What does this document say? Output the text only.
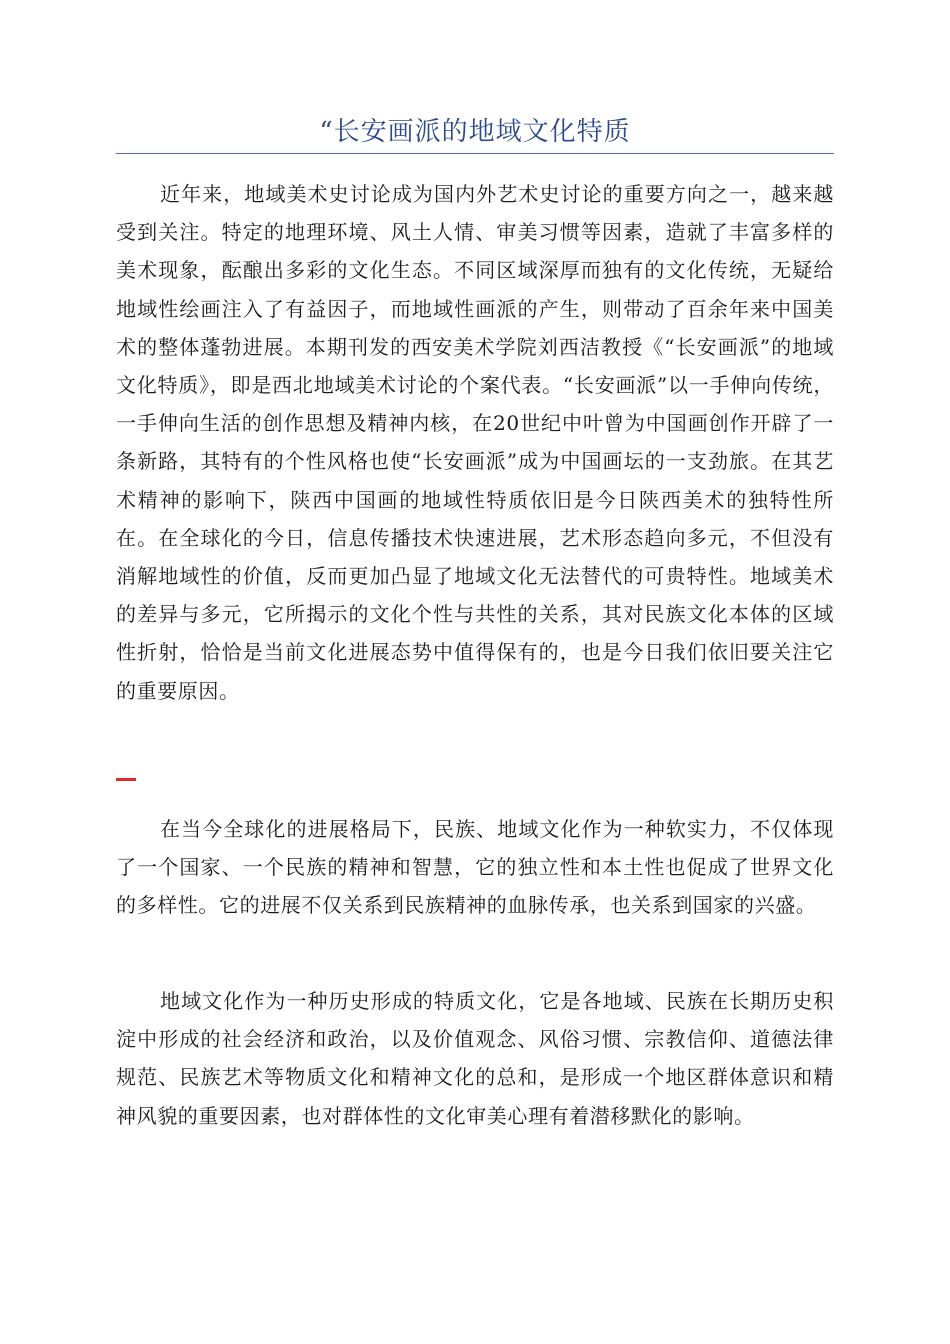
“长安画派的地域文化特质

近年来，地域美术史讨论成为国内外艺术史讨论的重要方向之一，越来越受到关注。特定的地理环境、风土人情、审美习惯等因素，造就了丰富多样的美术现象，酝酿出多彩的文化生态。不同区域深厚而独有的文化传统，无疑给地域性绘画注入了有益因子，而地域性画派的产生，则带动了百余年来中国美术的整体蓬勃进展。本期刊发的西安美术学院刘西洁教授《“长安画派”的地域文化特质》，即是西北地域美术讨论的个案代表。“长安画派”以一手伸向传统，一手伸向生活的创作思想及精神内核，在20世纪中叶曾为中国画创作开辟了一条新路，其特有的个性风格也使“长安画派”成为中国画坛的一支劲旅。在其艺术精神的影响下，陕西中国画的地域性特质依旧是今日陕西美术的独特性所在。在全球化的今日，信息传播技术快速进展，艺术形态趋向多元，不但没有消解地域性的价值，反而更加凸显了地域文化无法替代的可贵特性。地域美术的差异与多元，它所揭示的文化个性与共性的关系，其对民族文化本体的区域性折射，恰恰是当前文化进展态势中值得保有的，也是今日我们依旧要关注它的重要原因。

在当今全球化的进展格局下，民族、地域文化作为一种软实力，不仅体现了一个国家、一个民族的精神和智慧，它的独立性和本土性也促成了世界文化的多样性。它的进展不仅关系到民族精神的血脉传承，也关系到国家的兴盛。

地域文化作为一种历史形成的特质文化，它是各地域、民族在长期历史积淀中形成的社会经济和政治，以及价值观念、风俗习惯、宗教信仰、道德法律规范、民族艺术等物质文化和精神文化的总和，是形成一个地区群体意识和精神风貌的重要因素，也对群体性的文化审美心理有着潜移默化的影响。
